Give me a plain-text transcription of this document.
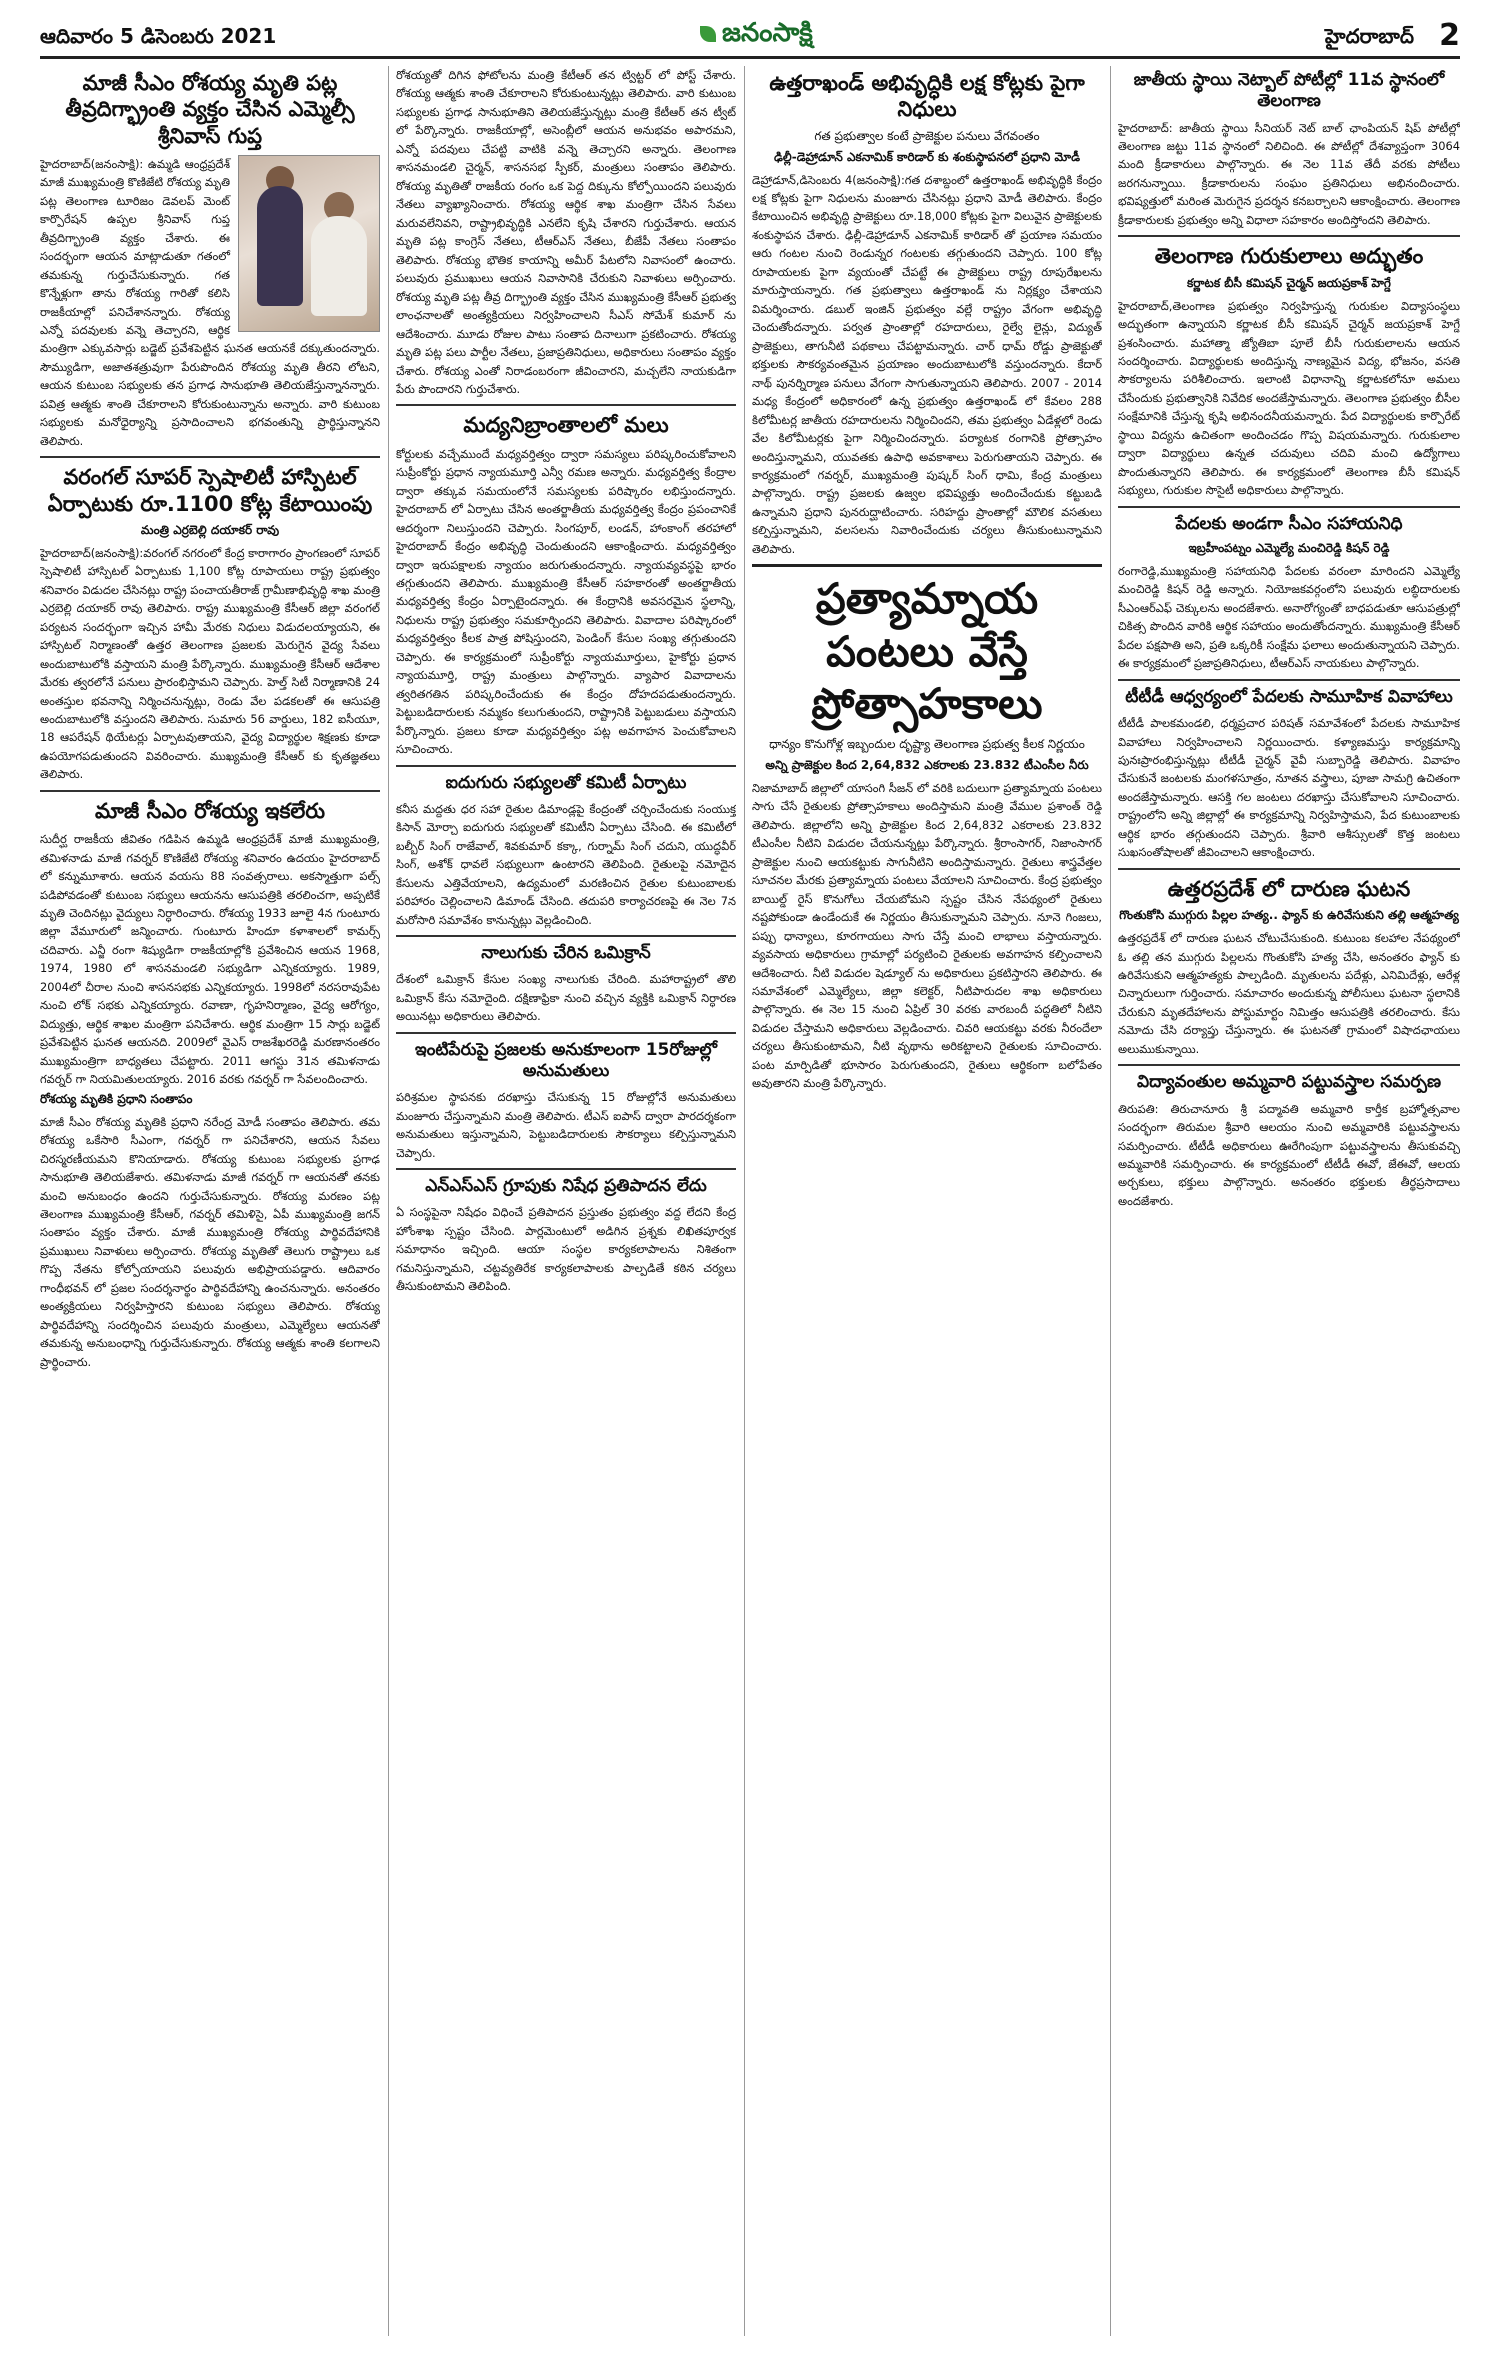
ఆదివారం 5 డిసెంబరు 2021	జనంసాక్షి	హైదరాబాద్ 2
మాజీ సీఎం రోశయ్య మృతి పట్ల తీవ్రదిగ్భ్రాంతి వ్యక్తం చేసిన ఎమ్మెల్సీ శ్రీనివాస్ గుప్త

హైదరాబాద్(జనంసాక్షి): ఉమ్మడి ఆంధ్రప్రదేశ్ మాజీ ముఖ్యమంత్రి కొణిజేటి రోశయ్య మృతి పట్ల తెలంగాణ టూరిజం డెవలప్ మెంట్ కార్పొరేషన్ ఉప్పల శ్రీనివాస్ గుప్త తీవ్రదిగ్భ్రాంతి వ్యక్తం చేశారు. ఈ సందర్భంగా ఆయన మాట్లాడుతూ గతంలో తమకున్న గుర్తుచేసుకున్నారు. గత కొన్నేళ్లుగా తాను రోశయ్య గారితో కలిసి రాజకీయాల్లో పనిచేశానన్నారు. రోశయ్య ఎన్నో పదవులకు వన్నె తెచ్చారని, ఆర్థిక మంత్రిగా ఎక్కువసార్లు బడ్జెట్ ప్రవేశపెట్టిన ఘనత ఆయనకే దక్కుతుందన్నారు. సౌమ్యుడిగా, అజాతశత్రువుగా పేరుపొందిన రోశయ్య మృతి తీరని లోటని, ఆయన కుటుంబ సభ్యులకు తన ప్రగాఢ సానుభూతి తెలియజేస్తున్నానన్నారు. పవిత్ర ఆత్మకు శాంతి చేకూరాలని కోరుకుంటున్నాను అన్నారు. వారి కుటుంబ సభ్యులకు మనోధైర్యాన్ని ప్రసాదించాలని భగవంతున్ని ప్రార్థిస్తున్నానని తెలిపారు.

వరంగల్ సూపర్ స్పెషాలిటీ హాస్పిటల్ ఏర్పాటుకు రూ.1100 కోట్ల కేటాయింపు
మంత్రి ఎర్రబెల్లి దయాకర్ రావు

హైదరాబాద్(జనంసాక్షి):వరంగల్ నగరంలో కేంద్ర కారాగారం ప్రాంగణంలో సూపర్ స్పెషాలిటీ హాస్పిటల్ ఏర్పాటుకు 1,100 కోట్ల రూపాయలు రాష్ట్ర ప్రభుత్వం శనివారం విడుదల చేసినట్లు రాష్ట్ర పంచాయతీరాజ్ గ్రామీణాభివృద్ధి శాఖ మంత్రి ఎర్రబెల్లి దయాకర్ రావు తెలిపారు. రాష్ట్ర ముఖ్యమంత్రి కేసీఆర్ జిల్లా వరంగల్ పర్యటన సందర్భంగా ఇచ్చిన హామీ మేరకు నిధులు విడుదలయ్యాయని, ఈ హాస్పిటల్ నిర్మాణంతో ఉత్తర తెలంగాణ ప్రజలకు మెరుగైన వైద్య సేవలు అందుబాటులోకి వస్తాయని మంత్రి పేర్కొన్నారు. ముఖ్యమంత్రి కేసీఆర్ ఆదేశాల మేరకు త్వరలోనే పనులు ప్రారంభిస్తామని చెప్పారు. హెల్త్ సిటీ నిర్మాణానికి 24 అంతస్తుల భవనాన్ని నిర్మించనున్నట్లు, రెండు వేల పడకలతో ఈ ఆసుపత్రి అందుబాటులోకి వస్తుందని తెలిపారు. సుమారు 56 వార్డులు, 182 ఐసీయూ, 18 ఆపరేషన్ థియేటర్లు ఏర్పాటవుతాయని, వైద్య విద్యార్థుల శిక్షణకు కూడా ఉపయోగపడుతుందని వివరించారు. ముఖ్యమంత్రి కేసీఆర్ కు కృతజ్ఞతలు తెలిపారు.

మాజీ సీఎం రోశయ్య ఇకలేరు

సుదీర్ఘ రాజకీయ జీవితం గడిపిన ఉమ్మడి ఆంధ్రప్రదేశ్ మాజీ ముఖ్యమంత్రి, తమిళనాడు మాజీ గవర్నర్ కొణిజేటి రోశయ్య శనివారం ఉదయం హైదరాబాద్ లో కన్నుమూశారు. ఆయన వయసు 88 సంవత్సరాలు. అకస్మాత్తుగా పల్స్ పడిపోవడంతో కుటుంబ సభ్యులు ఆయనను ఆసుపత్రికి తరలించగా, అప్పటికే మృతి చెందినట్లు వైద్యులు నిర్ధారించారు. రోశయ్య 1933 జూలై 4న గుంటూరు జిల్లా వేమూరులో జన్మించారు. గుంటూరు హిందూ కళాశాలలో కామర్స్ చదివారు. ఎన్జీ రంగా శిష్యుడిగా రాజకీయాల్లోకి ప్రవేశించిన ఆయన 1968, 1974, 1980 లో శాసనమండలి సభ్యుడిగా ఎన్నికయ్యారు. 1989, 2004లో చీరాల నుంచి శాసనసభకు ఎన్నికయ్యారు. 1998లో నరసరావుపేట నుంచి లోక్ సభకు ఎన్నికయ్యారు. రవాణా, గృహనిర్మాణం, వైద్య ఆరోగ్యం, విద్యుత్తు, ఆర్థిక శాఖల మంత్రిగా పనిచేశారు. ఆర్థిక మంత్రిగా 15 సార్లు బడ్జెట్ ప్రవేశపెట్టిన ఘనత ఆయనది. 2009లో వైఎస్ రాజశేఖరరెడ్డి మరణానంతరం ముఖ్యమంత్రిగా బాధ్యతలు చేపట్టారు. 2011 ఆగస్టు 31న తమిళనాడు గవర్నర్ గా నియమితులయ్యారు. 2016 వరకు గవర్నర్ గా సేవలందించారు.

రోశయ్య మృతికి ప్రధాని సంతాపం

మాజీ సీఎం రోశయ్య మృతికి ప్రధాని నరేంద్ర మోడీ సంతాపం తెలిపారు. తమ రోశయ్య ఒకేసారి సీఎంగా, గవర్నర్ గా పనిచేశారని, ఆయన సేవలు చిరస్మరణీయమని కొనియాడారు. రోశయ్య కుటుంబ సభ్యులకు ప్రగాఢ సానుభూతి తెలియజేశారు. తమిళనాడు మాజీ గవర్నర్ గా ఆయనతో తనకు మంచి అనుబంధం ఉందని గుర్తుచేసుకున్నారు. రోశయ్య మరణం పట్ల తెలంగాణ ముఖ్యమంత్రి కేసీఆర్, గవర్నర్ తమిళిసై, ఏపీ ముఖ్యమంత్రి జగన్ సంతాపం వ్యక్తం చేశారు. మాజీ ముఖ్యమంత్రి రోశయ్య పార్థివదేహానికి ప్రముఖులు నివాళులు అర్పించారు. రోశయ్య మృతితో తెలుగు రాష్ట్రాలు ఒక గొప్ప నేతను కోల్పోయాయని పలువురు అభిప్రాయపడ్డారు. ఆదివారం గాంధీభవన్ లో ప్రజల సందర్శనార్థం పార్థివదేహాన్ని ఉంచనున్నారు. అనంతరం అంత్యక్రియలు నిర్వహిస్తారని కుటుంబ సభ్యులు తెలిపారు. రోశయ్య పార్థివదేహాన్ని సందర్శించిన పలువురు మంత్రులు, ఎమ్మెల్యేలు ఆయనతో తమకున్న అనుబంధాన్ని గుర్తుచేసుకున్నారు. రోశయ్య ఆత్మకు శాంతి కలగాలని ప్రార్థించారు.

రోశయ్యతో దిగిన ఫోటోలను మంత్రి కేటీఆర్ తన ట్విట్టర్ లో పోస్ట్ చేశారు. రోశయ్య ఆత్మకు శాంతి చేకూరాలని కోరుకుంటున్నట్లు తెలిపారు. వారి కుటుంబ సభ్యులకు ప్రగాఢ సానుభూతిని తెలియజేస్తున్నట్లు మంత్రి కేటీఆర్ తన ట్వీట్ లో పేర్కొన్నారు. రాజకీయాల్లో, అసెంబ్లీలో ఆయన అనుభవం అపారమని, ఎన్నో పదవులు చేపట్టి వాటికి వన్నె తెచ్చారని అన్నారు. తెలంగాణ శాసనమండలి చైర్మన్, శాసనసభ స్పీకర్, మంత్రులు సంతాపం తెలిపారు. రోశయ్య మృతితో రాజకీయ రంగం ఒక పెద్ద దిక్కును కోల్పోయిందని పలువురు నేతలు వ్యాఖ్యానించారు. రోశయ్య ఆర్థిక శాఖ మంత్రిగా చేసిన సేవలు మరువలేనివని, రాష్ట్రాభివృద్ధికి ఎనలేని కృషి చేశారని గుర్తుచేశారు. ఆయన మృతి పట్ల కాంగ్రెస్ నేతలు, టీఆర్ఎస్ నేతలు, బీజేపీ నేతలు సంతాపం తెలిపారు. రోశయ్య భౌతిక కాయాన్ని అమీర్ పేటలోని నివాసంలో ఉంచారు. పలువురు ప్రముఖులు ఆయన నివాసానికి చేరుకుని నివాళులు అర్పించారు. రోశయ్య మృతి పట్ల తీవ్ర దిగ్భ్రాంతి వ్యక్తం చేసిన ముఖ్యమంత్రి కేసీఆర్ ప్రభుత్వ లాంఛనాలతో అంత్యక్రియలు నిర్వహించాలని సీఎస్ సోమేశ్ కుమార్ ను ఆదేశించారు. మూడు రోజుల పాటు సంతాప దినాలుగా ప్రకటించారు. రోశయ్య మృతి పట్ల పలు పార్టీల నేతలు, ప్రజాప్రతినిధులు, అధికారులు సంతాపం వ్యక్తం చేశారు. రోశయ్య ఎంతో నిరాడంబరంగా జీవించారని, మచ్చలేని నాయకుడిగా పేరు పొందారని గుర్తుచేశారు.

మద్యనిబ్రాంతాలలో మలు

కోర్టులకు వచ్చేముందే మధ్యవర్తిత్వం ద్వారా సమస్యలు పరిష్కరించుకోవాలని సుప్రీంకోర్టు ప్రధాన న్యాయమూర్తి ఎన్వీ రమణ అన్నారు. మధ్యవర్తిత్వ కేంద్రాల ద్వారా తక్కువ సమయంలోనే సమస్యలకు పరిష్కారం లభిస్తుందన్నారు. హైదరాబాద్ లో ఏర్పాటు చేసిన అంతర్జాతీయ మధ్యవర్తిత్వ కేంద్రం ప్రపంచానికే ఆదర్శంగా నిలుస్తుందని చెప్పారు. సింగపూర్, లండన్, హాంకాంగ్ తరహాలో హైదరాబాద్ కేంద్రం అభివృద్ధి చెందుతుందని ఆకాంక్షించారు. మధ్యవర్తిత్వం ద్వారా ఇరుపక్షాలకు న్యాయం జరుగుతుందన్నారు. న్యాయవ్యవస్థపై భారం తగ్గుతుందని తెలిపారు. ముఖ్యమంత్రి కేసీఆర్ సహకారంతో అంతర్జాతీయ మధ్యవర్తిత్వ కేంద్రం ఏర్పాటైందన్నారు. ఈ కేంద్రానికి అవసరమైన స్థలాన్ని, నిధులను రాష్ట్ర ప్రభుత్వం సమకూర్చిందని తెలిపారు. వివాదాల పరిష్కారంలో మధ్యవర్తిత్వం కీలక పాత్ర పోషిస్తుందని, పెండింగ్ కేసుల సంఖ్య తగ్గుతుందని చెప్పారు. ఈ కార్యక్రమంలో సుప్రీంకోర్టు న్యాయమూర్తులు, హైకోర్టు ప్రధాన న్యాయమూర్తి, రాష్ట్ర మంత్రులు పాల్గొన్నారు. వ్యాపార వివాదాలను త్వరితగతిన పరిష్కరించేందుకు ఈ కేంద్రం దోహదపడుతుందన్నారు. పెట్టుబడిదారులకు నమ్మకం కలుగుతుందని, రాష్ట్రానికి పెట్టుబడులు వస్తాయని పేర్కొన్నారు. ప్రజలు కూడా మధ్యవర్తిత్వం పట్ల అవగాహన పెంచుకోవాలని సూచించారు.

ఐదుగురు సభ్యులతో కమిటీ ఏర్పాటు

కనీస మద్దతు ధర సహా రైతుల డిమాండ్లపై కేంద్రంతో చర్చించేందుకు సంయుక్త కిసాన్ మోర్చా ఐదుగురు సభ్యులతో కమిటీని ఏర్పాటు చేసింది. ఈ కమిటీలో బల్బీర్ సింగ్ రాజేవాల్, శివకుమార్ కక్కా, గుర్నామ్ సింగ్ చదుని, యుద్ధవీర్ సింగ్, అశోక్ ధావలే సభ్యులుగా ఉంటారని తెలిపింది. రైతులపై నమోదైన కేసులను ఎత్తివేయాలని, ఉద్యమంలో మరణించిన రైతుల కుటుంబాలకు పరిహారం చెల్లించాలని డిమాండ్ చేసింది. తదుపరి కార్యాచరణపై ఈ నెల 7న మరోసారి సమావేశం కానున్నట్లు వెల్లడించింది.

నాలుగుకు చేరిన ఒమిక్రాన్

దేశంలో ఒమిక్రాన్ కేసుల సంఖ్య నాలుగుకు చేరింది. మహారాష్ట్రలో తొలి ఒమిక్రాన్ కేసు నమోదైంది. దక్షిణాఫ్రికా నుంచి వచ్చిన వ్యక్తికి ఒమిక్రాన్ నిర్ధారణ అయినట్లు అధికారులు తెలిపారు.

ఇంటిపేరుపై ప్రజలకు అనుకూలంగా 15రోజుల్లో అనుమతులు

పరిశ్రమల స్థాపనకు దరఖాస్తు చేసుకున్న 15 రోజుల్లోనే అనుమతులు మంజూరు చేస్తున్నామని మంత్రి తెలిపారు. టీఎస్ ఐపాస్ ద్వారా పారదర్శకంగా అనుమతులు ఇస్తున్నామని, పెట్టుబడిదారులకు సౌకర్యాలు కల్పిస్తున్నామని చెప్పారు.

ఎన్ఎస్ఎస్ గ్రూపుకు నిషేధ ప్రతిపాదన లేదు

ఏ సంస్థపైనా నిషేధం విధించే ప్రతిపాదన ప్రస్తుతం ప్రభుత్వం వద్ద లేదని కేంద్ర హోంశాఖ స్పష్టం చేసింది. పార్లమెంటులో అడిగిన ప్రశ్నకు లిఖితపూర్వక సమాధానం ఇచ్చింది. ఆయా సంస్థల కార్యకలాపాలను నిశితంగా గమనిస్తున్నామని, చట్టవ్యతిరేక కార్యకలాపాలకు పాల్పడితే కఠిన చర్యలు తీసుకుంటామని తెలిపింది.

ఉత్తరాఖండ్ అభివృద్ధికి లక్ష కోట్లకు పైగా నిధులు
గత ప్రభుత్వాల కంటే ప్రాజెక్టుల పనులు వేగవంతం
ఢిల్లీ-డెహ్రాడూన్ ఎకనామిక్ కారిడార్ కు శంకుస్థాపనలో ప్రధాని మోడీ

డెహ్రాడూన్,డిసెంబరు 4(జనంసాక్షి):గత దశాబ్దంలో ఉత్తరాఖండ్ అభివృద్ధికి కేంద్రం లక్ష కోట్లకు పైగా నిధులను మంజూరు చేసినట్లు ప్రధాని మోడీ తెలిపారు. కేంద్రం కేటాయించిన అభివృద్ధి ప్రాజెక్టులు రూ.18,000 కోట్లకు పైగా విలువైన ప్రాజెక్టులకు శంకుస్థాపన చేశారు. ఢిల్లీ-డెహ్రాడూన్ ఎకనామిక్ కారిడార్ తో ప్రయాణ సమయం ఆరు గంటల నుంచి రెండున్నర గంటలకు తగ్గుతుందని చెప్పారు. 100 కోట్ల రూపాయలకు పైగా వ్యయంతో చేపట్టే ఈ ప్రాజెక్టులు రాష్ట్ర రూపురేఖలను మారుస్తాయన్నారు. గత ప్రభుత్వాలు ఉత్తరాఖండ్ ను నిర్లక్ష్యం చేశాయని విమర్శించారు. డబుల్ ఇంజిన్ ప్రభుత్వం వల్లే రాష్ట్రం వేగంగా అభివృద్ధి చెందుతోందన్నారు. పర్వత ప్రాంతాల్లో రహదారులు, రైల్వే లైన్లు, విద్యుత్ ప్రాజెక్టులు, తాగునీటి పథకాలు చేపట్టామన్నారు. చార్ ధామ్ రోడ్డు ప్రాజెక్టుతో భక్తులకు సౌకర్యవంతమైన ప్రయాణం అందుబాటులోకి వస్తుందన్నారు. కేదార్ నాథ్ పునర్నిర్మాణ పనులు వేగంగా సాగుతున్నాయని తెలిపారు. 2007 - 2014 మధ్య కేంద్రంలో అధికారంలో ఉన్న ప్రభుత్వం ఉత్తరాఖండ్ లో కేవలం 288 కిలోమీటర్ల జాతీయ రహదారులను నిర్మించిందని, తమ ప్రభుత్వం ఏడేళ్లలో రెండు వేల కిలోమీటర్లకు పైగా నిర్మించిందన్నారు. పర్యాటక రంగానికి ప్రోత్సాహం అందిస్తున్నామని, యువతకు ఉపాధి అవకాశాలు పెరుగుతాయని చెప్పారు. ఈ కార్యక్రమంలో గవర్నర్, ముఖ్యమంత్రి పుష్కర్ సింగ్ ధామి, కేంద్ర మంత్రులు పాల్గొన్నారు. రాష్ట్ర ప్రజలకు ఉజ్వల భవిష్యత్తు అందించేందుకు కట్టుబడి ఉన్నామని ప్రధాని పునరుద్ఘాటించారు. సరిహద్దు ప్రాంతాల్లో మౌలిక వసతులు కల్పిస్తున్నామని, వలసలను నివారించేందుకు చర్యలు తీసుకుంటున్నామని తెలిపారు.

ప్రత్యామ్నాయ పంటలు వేస్తే ప్రోత్సాహకాలు
ధాన్యం కొనుగోళ్ల ఇబ్బందుల దృష్ట్యా తెలంగాణ ప్రభుత్వ కీలక నిర్ణయం
అన్ని ప్రాజెక్టుల కింద 2,64,832 ఎకరాలకు 23.832 టీఎంసీల నీరు

నిజామాబాద్ జిల్లాలో యాసంగి సీజన్ లో వరికి బదులుగా ప్రత్యామ్నాయ పంటలు సాగు చేసే రైతులకు ప్రోత్సాహకాలు అందిస్తామని మంత్రి వేముల ప్రశాంత్ రెడ్డి తెలిపారు. జిల్లాలోని అన్ని ప్రాజెక్టుల కింద 2,64,832 ఎకరాలకు 23.832 టీఎంసీల నీటిని విడుదల చేయనున్నట్లు పేర్కొన్నారు. శ్రీరాంసాగర్, నిజాంసాగర్ ప్రాజెక్టుల నుంచి ఆయకట్టుకు సాగునీటిని అందిస్తామన్నారు. రైతులు శాస్త్రవేత్తల సూచనల మేరకు ప్రత్యామ్నాయ పంటలు వేయాలని సూచించారు. కేంద్ర ప్రభుత్వం బాయిల్డ్ రైస్ కొనుగోలు చేయబోమని స్పష్టం చేసిన నేపథ్యంలో రైతులు నష్టపోకుండా ఉండేందుకే ఈ నిర్ణయం తీసుకున్నామని చెప్పారు. నూనె గింజలు, పప్పు ధాన్యాలు, కూరగాయలు సాగు చేస్తే మంచి లాభాలు వస్తాయన్నారు. వ్యవసాయ అధికారులు గ్రామాల్లో పర్యటించి రైతులకు అవగాహన కల్పించాలని ఆదేశించారు. నీటి విడుదల షెడ్యూల్ ను అధికారులు ప్రకటిస్తారని తెలిపారు. ఈ సమావేశంలో ఎమ్మెల్యేలు, జిల్లా కలెక్టర్, నీటిపారుదల శాఖ అధికారులు పాల్గొన్నారు. ఈ నెల 15 నుంచి ఏప్రిల్ 30 వరకు వారబందీ పద్ధతిలో నీటిని విడుదల చేస్తామని అధికారులు వెల్లడించారు. చివరి ఆయకట్టు వరకు నీరందేలా చర్యలు తీసుకుంటామని, నీటి వృథాను అరికట్టాలని రైతులకు సూచించారు. పంట మార్పిడితో భూసారం పెరుగుతుందని, రైతులు ఆర్థికంగా బలోపేతం అవుతారని మంత్రి పేర్కొన్నారు.

జాతీయ స్థాయి నెట్బాల్ పోటీల్లో 11వ స్థానంలో తెలంగాణ

హైదరాబాద్: జాతీయ స్థాయి సీనియర్ నెట్ బాల్ ఛాంపియన్ షిప్ పోటీల్లో తెలంగాణ జట్టు 11వ స్థానంలో నిలిచింది. ఈ పోటీల్లో దేశవ్యాప్తంగా 3064 మంది క్రీడాకారులు పాల్గొన్నారు. ఈ నెల 11వ తేదీ వరకు పోటీలు జరగనున్నాయి. క్రీడాకారులను సంఘం ప్రతినిధులు అభినందించారు. భవిష్యత్తులో మరింత మెరుగైన ప్రదర్శన కనబర్చాలని ఆకాంక్షించారు. తెలంగాణ క్రీడాకారులకు ప్రభుత్వం అన్ని విధాలా సహకారం అందిస్తోందని తెలిపారు.

తెలంగాణ గురుకులాలు అద్భుతం
కర్ణాటక బీసీ కమిషన్ చైర్మన్ జయప్రకాశ్ హెగ్డే

హైదరాబాద్,తెలంగాణ ప్రభుత్వం నిర్వహిస్తున్న గురుకుల విద్యాసంస్థలు అద్భుతంగా ఉన్నాయని కర్ణాటక బీసీ కమిషన్ చైర్మన్ జయప్రకాశ్ హెగ్డే ప్రశంసించారు. మహాత్మా జ్యోతిబా పూలే బీసీ గురుకులాలను ఆయన సందర్శించారు. విద్యార్థులకు అందిస్తున్న నాణ్యమైన విద్య, భోజనం, వసతి సౌకర్యాలను పరిశీలించారు. ఇలాంటి విధానాన్ని కర్ణాటకలోనూ అమలు చేసేందుకు ప్రభుత్వానికి నివేదిక అందజేస్తామన్నారు. తెలంగాణ ప్రభుత్వం బీసీల సంక్షేమానికి చేస్తున్న కృషి అభినందనీయమన్నారు. పేద విద్యార్థులకు కార్పొరేట్ స్థాయి విద్యను ఉచితంగా అందించడం గొప్ప విషయమన్నారు. గురుకులాల ద్వారా విద్యార్థులు ఉన్నత చదువులు చదివి మంచి ఉద్యోగాలు పొందుతున్నారని తెలిపారు. ఈ కార్యక్రమంలో తెలంగాణ బీసీ కమిషన్ సభ్యులు, గురుకుల సొసైటీ అధికారులు పాల్గొన్నారు.

పేదలకు అండగా సీఎం సహాయనిధి
ఇబ్రహీంపట్నం ఎమ్మెల్యే మంచిరెడ్డి కిషన్ రెడ్డి

రంగారెడ్డి,ముఖ్యమంత్రి సహాయనిధి పేదలకు వరంలా మారిందని ఎమ్మెల్యే మంచిరెడ్డి కిషన్ రెడ్డి అన్నారు. నియోజకవర్గంలోని పలువురు లబ్ధిదారులకు సీఎంఆర్ఎఫ్ చెక్కులను అందజేశారు. అనారోగ్యంతో బాధపడుతూ ఆసుపత్రుల్లో చికిత్స పొందిన వారికి ఆర్థిక సహాయం అందుతోందన్నారు. ముఖ్యమంత్రి కేసీఆర్ పేదల పక్షపాతి అని, ప్రతి ఒక్కరికీ సంక్షేమ ఫలాలు అందుతున్నాయని చెప్పారు. ఈ కార్యక్రమంలో ప్రజాప్రతినిధులు, టీఆర్ఎస్ నాయకులు పాల్గొన్నారు.

టీటీడీ ఆధ్వర్యంలో పేదలకు సామూహిక వివాహాలు

టీటీడీ పాలకమండలి, ధర్మప్రచార పరిషత్ సమావేశంలో పేదలకు సామూహిక వివాహాలు నిర్వహించాలని నిర్ణయించారు. కళ్యాణమస్తు కార్యక్రమాన్ని పునఃప్రారంభిస్తున్నట్లు టీటీడీ చైర్మన్ వైవీ సుబ్బారెడ్డి తెలిపారు. వివాహం చేసుకునే జంటలకు మంగళసూత్రం, నూతన వస్త్రాలు, పూజా సామగ్రి ఉచితంగా అందజేస్తామన్నారు. ఆసక్తి గల జంటలు దరఖాస్తు చేసుకోవాలని సూచించారు. రాష్ట్రంలోని అన్ని జిల్లాల్లో ఈ కార్యక్రమాన్ని నిర్వహిస్తామని, పేద కుటుంబాలకు ఆర్థిక భారం తగ్గుతుందని చెప్పారు. శ్రీవారి ఆశీస్సులతో కొత్త జంటలు సుఖసంతోషాలతో జీవించాలని ఆకాంక్షించారు.

ఉత్తరప్రదేశ్ లో దారుణ ఘటన
గొంతుకోసి ముగ్గురు పిల్లల హత్య.. ఫ్యాన్ కు ఉరివేసుకుని తల్లి ఆత్మహత్య

ఉత్తరప్రదేశ్ లో దారుణ ఘటన చోటుచేసుకుంది. కుటుంబ కలహాల నేపథ్యంలో ఓ తల్లి తన ముగ్గురు పిల్లలను గొంతుకోసి హత్య చేసి, అనంతరం ఫ్యాన్ కు ఉరివేసుకుని ఆత్మహత్యకు పాల్పడింది. మృతులను పదేళ్లు, ఎనిమిదేళ్లు, ఆరేళ్ల చిన్నారులుగా గుర్తించారు. సమాచారం అందుకున్న పోలీసులు ఘటనా స్థలానికి చేరుకుని మృతదేహాలను పోస్టుమార్టం నిమిత్తం ఆసుపత్రికి తరలించారు. కేసు నమోదు చేసి దర్యాప్తు చేస్తున్నారు. ఈ ఘటనతో గ్రామంలో విషాదఛాయలు అలుముకున్నాయి.

విద్యావంతుల అమ్మవారి పట్టువస్త్రాల సమర్పణ

తిరుపతి: తిరుచానూరు శ్రీ పద్మావతి అమ్మవారి కార్తీక బ్రహ్మోత్సవాల సందర్భంగా తిరుమల శ్రీవారి ఆలయం నుంచి అమ్మవారికి పట్టువస్త్రాలను సమర్పించారు. టీటీడీ అధికారులు ఊరేగింపుగా పట్టువస్త్రాలను తీసుకువచ్చి అమ్మవారికి సమర్పించారు. ఈ కార్యక్రమంలో టీటీడీ ఈవో, జేఈవో, ఆలయ అర్చకులు, భక్తులు పాల్గొన్నారు. అనంతరం భక్తులకు తీర్థప్రసాదాలు అందజేశారు.
